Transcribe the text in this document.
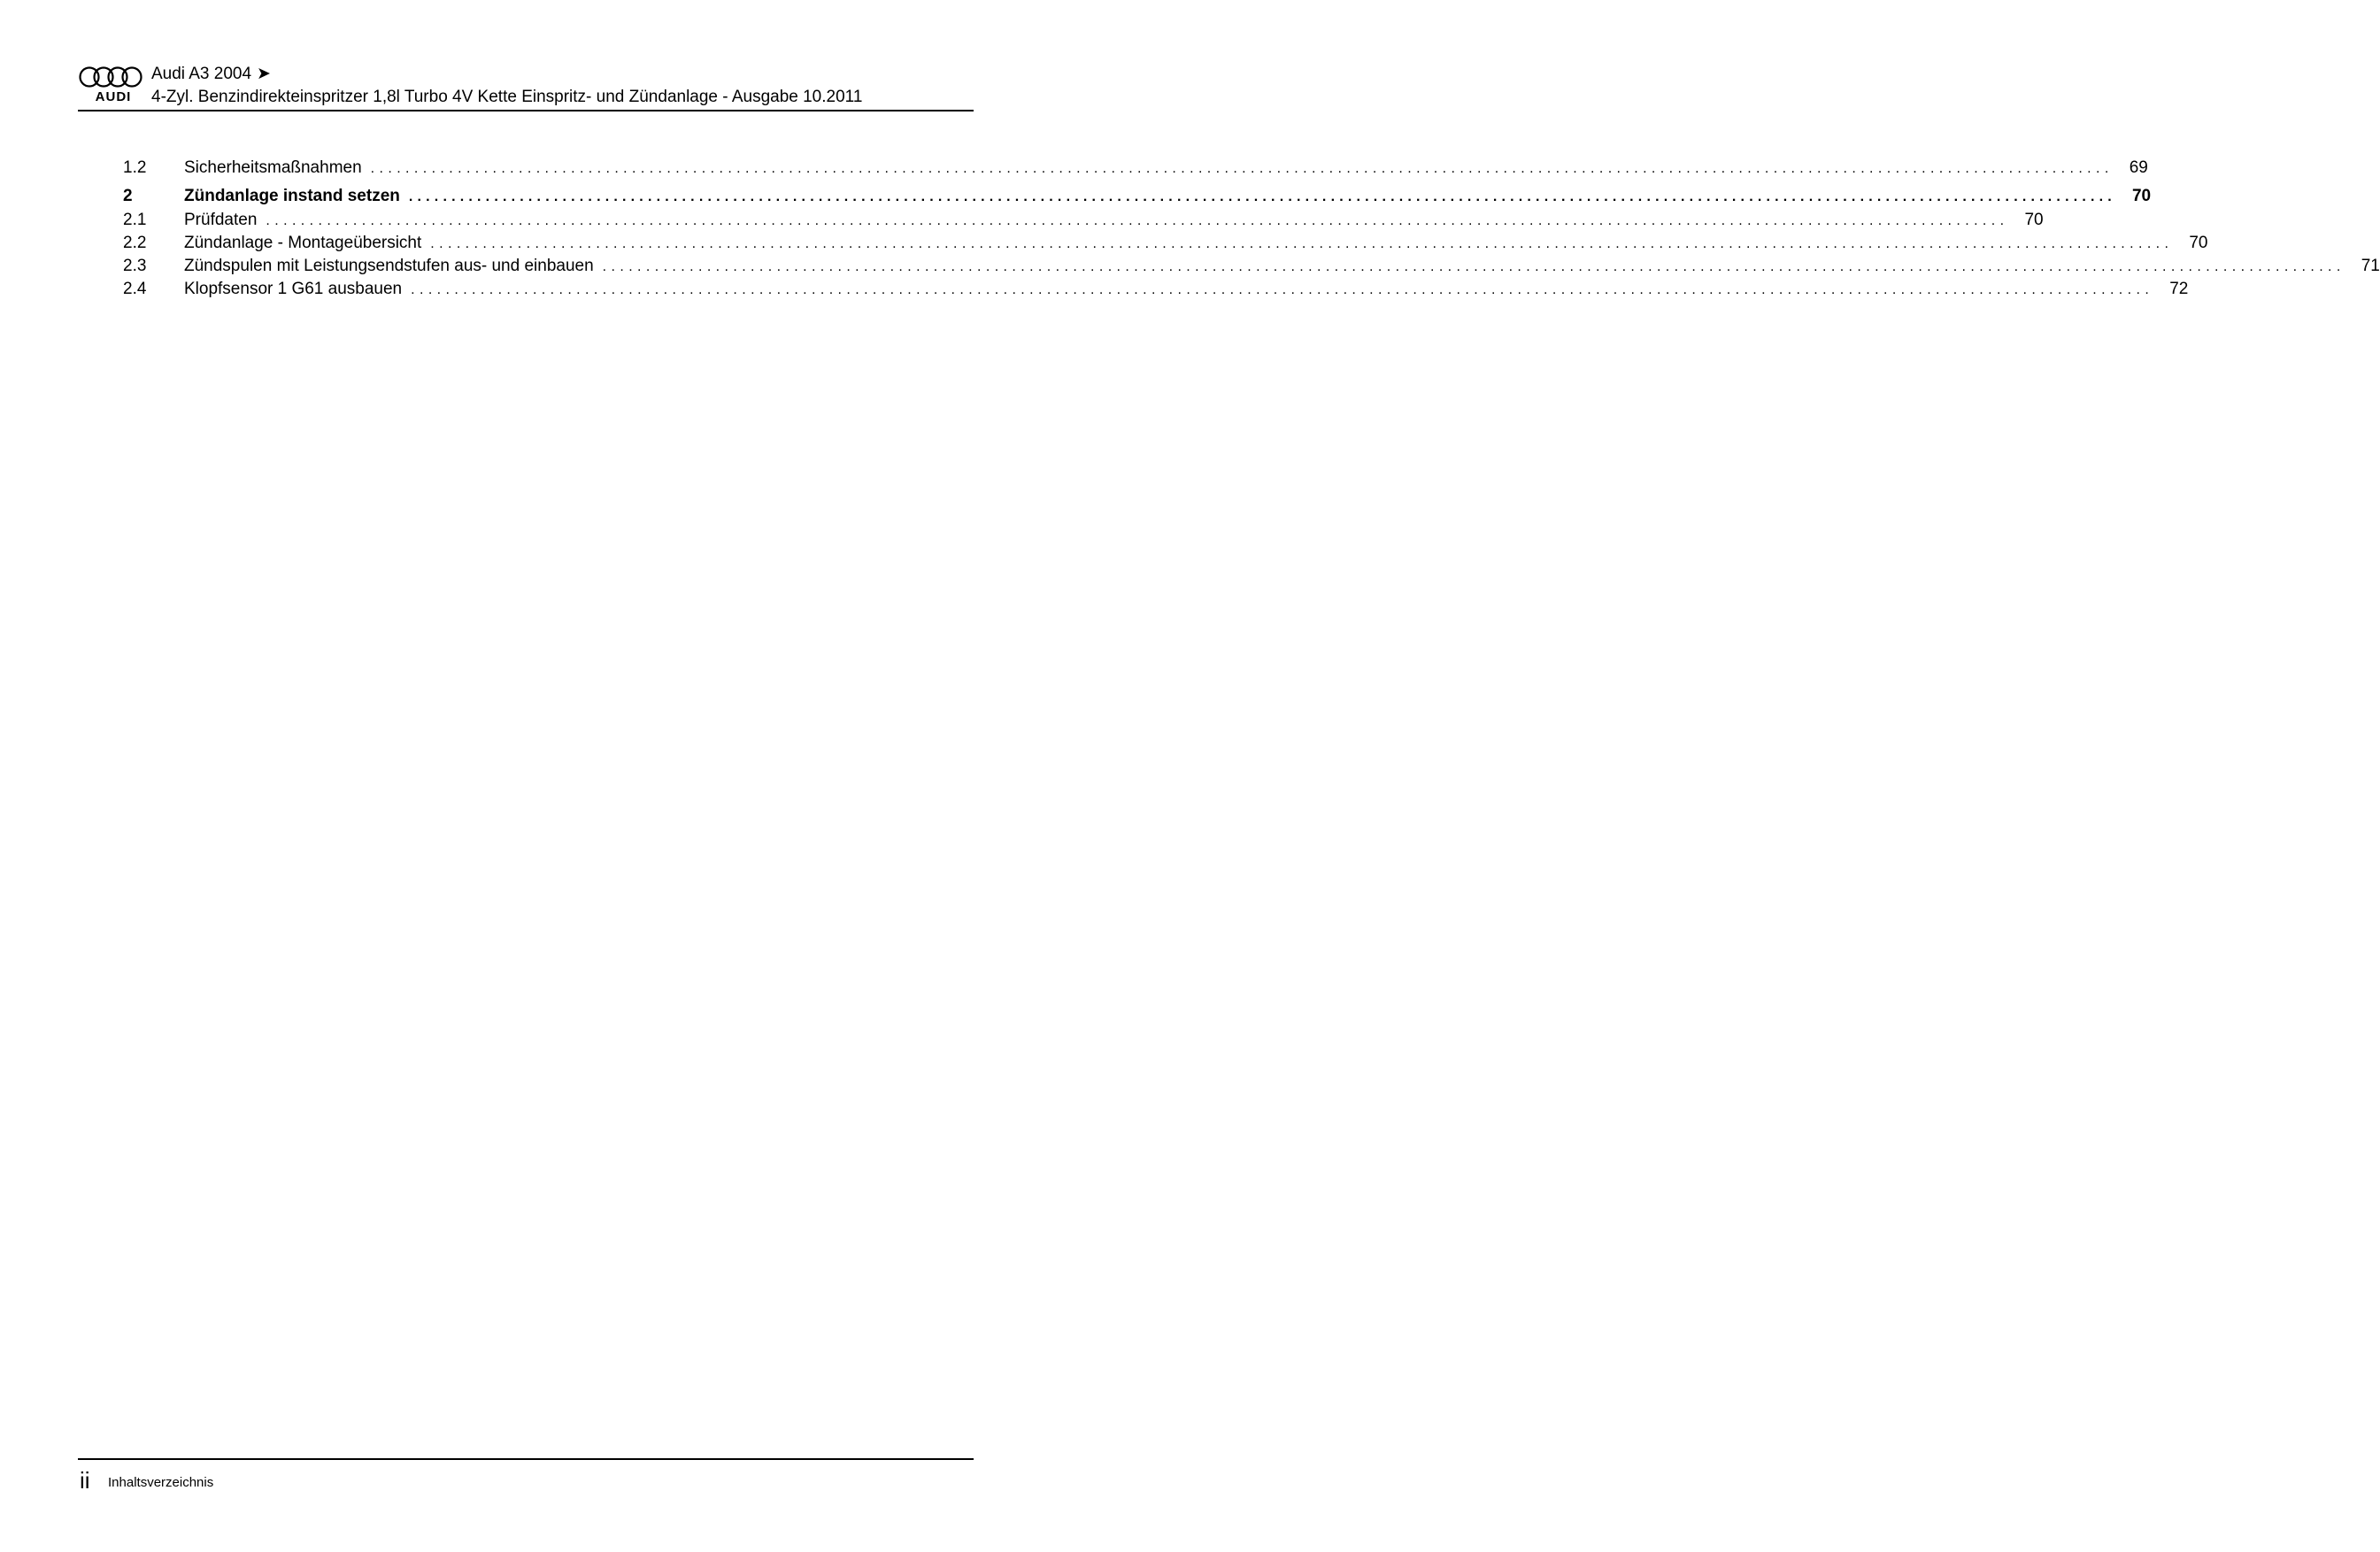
AUDI
Audi A3 2004 ➤
4-Zyl. Benzindirekteinspritzer 1,8l Turbo 4V Kette Einspritz- und Zündanlage - Ausgabe 10.2011
1.2	Sicherheitsmaßnahmen ........................................................................................................................................................................................................ 69
2	Zündanlage instand setzen ........................................................................................................................................................................................................ 70
2.1	Prüfdaten ........................................................................................................................................................................................................ 70
2.2	Zündanlage - Montageübersicht ........................................................................................................................................................................................................ 70
2.3	Zündspulen mit Leistungsendstufen aus- und einbauen ........................................................................................................................................................................................................ 71
2.4	Klopfsensor 1 G61 ausbauen ........................................................................................................................................................................................................ 72
ii Inhaltsverzeichnis
